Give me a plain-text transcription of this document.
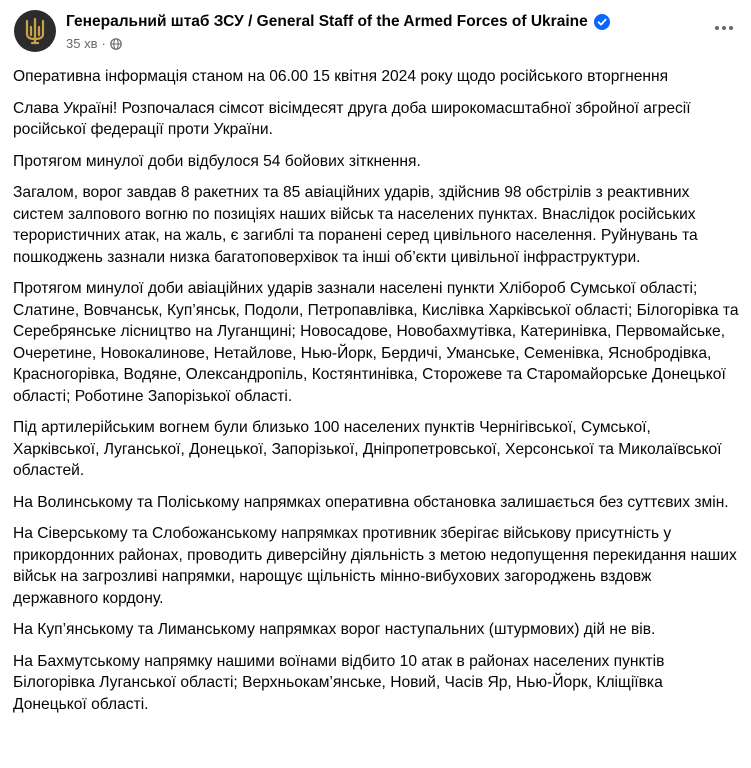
Генеральний штаб ЗСУ / General Staff of the Armed Forces of Ukraine
35 хв ·

Оперативна інформація станом на 06.00 15 квітня 2024 року щодо російського вторгнення

Слава Україні! Розпочалася сімсот вісімдесят друга доба широкомасштабної збройної агресії російської федерації проти України.

Протягом минулої доби відбулося 54 бойових зіткнення.

Загалом, ворог завдав 8 ракетних та 85 авіаційних ударів, здійснив 98 обстрілів з реактивних систем залпового вогню по позиціях наших військ та населених пунктах. Внаслідок російських терористичних атак, на жаль, є загиблі та поранені серед цивільного населення. Руйнувань та пошкоджень зазнали низка багатоповерхівок та інші об’єкти цивільної інфраструктури.

Протягом минулої доби авіаційних ударів зазнали населені пункти Хлібороб Сумської області; Слатине, Вовчанськ, Куп’янськ, Подоли, Петропавлівка, Кислівка Харківської області; Білогорівка та Серебрянське лісництво на Луганщині; Новосадове, Новобахмутівка, Катеринівка, Первомайське, Очеретине, Новокалинове, Нетайлове, Нью-Йорк, Бердичі, Уманське, Семенівка, Яснобродівка, Красногорівка, Водяне, Олександропіль, Костянтинівка, Сторожеве та Старомайорське Донецької області; Роботине Запорізької області.

Під артилерійським вогнем були близько 100 населених пунктів Чернігівської, Сумської, Харківської, Луганської, Донецької, Запорізької, Дніпропетровської, Херсонської та Миколаївської областей.

На Волинському та Поліському напрямках оперативна обстановка залишається без суттєвих змін.

На Сіверському та Слобожанському напрямках противник зберігає військову присутність у прикордонних районах, проводить диверсійну діяльність з метою недопущення перекидання наших військ на загрозливі напрямки, нарощує щільність мінно-вибухових загороджень вздовж державного кордону.

На Куп’янському та Лиманському напрямках ворог наступальних (штурмових) дій не вів.

На Бахмутському напрямку нашими воїнами відбито 10 атак в районах населених пунктів Білогорівка Луганської області; Верхньокам’янське, Новий, Часів Яр, Нью-Йорк, Кліщіївка Донецької області.
